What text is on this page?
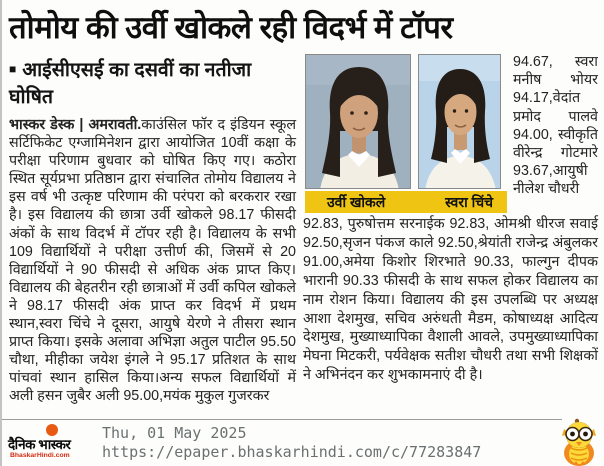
तोमोय की उर्वी खोकले रही विदर्भ में टॉपर
■ आईसीएसई का दसवीं का नतीजा घोषित
भास्कर डेस्क | अमरावती.काउंसिल फॉर द इंडियन स्कूल सर्टिफिकेट एग्जामिनेशन द्वारा आयोजित 10वीं कक्षा के परीक्षा परिणाम बुधवार को घोषित किए गए। कठोरा स्थित सूर्यप्रभा प्रतिष्ठान द्वारा संचालित तोमोय विद्यालय ने इस वर्ष भी उत्कृष्ट परिणाम की परंपरा को बरकरार रखा है। इस विद्यालय की छात्रा उर्वी खोकले 98.17 फीसदी अंकों के साथ विदर्भ में टॉपर रही है। विद्यालय के सभी 109 विद्यार्थियों ने परीक्षा उत्तीर्ण की, जिसमें से 20 विद्यार्थियों ने 90 फीसदी से अधिक अंक प्राप्त किए। विद्यालय की बेहतरीन रही छात्राओं में उर्वी कपिल खोकले ने 98.17 फीसदी अंक प्राप्त कर विदर्भ में प्रथम स्थान,स्वरा चिंचे ने दूसरा, आयुषे येरणे ने तीसरा स्थान प्राप्त किया। इसके अलावा अभिज्ञा अतुल पाटील 95.50 चौथा, मीहीका जयेश इंगले ने 95.17 प्रतिशत के साथ पांचवां स्थान हासिल किया।अन्य सफल विद्यार्थियों में अली हसन जुबैर अली 95.00,मयंक मुकुल गुजरकर
उर्वी खोकले	स्वरा चिंचे
94.67, स्वरा मनीष भोयर 94.17,वेदांत प्रमोद पालवे 94.00, स्वीकृति वीरेन्द्र गोटमारे 93.67,आयुषी नीलेश चौधरी
92.83, पुरुषोत्तम सरनाईक 92.83, ओमश्री धीरज सवाई 92.50,सृजन पंकज काले 92.50,श्रेयांती राजेन्द्र अंबुलकर 91.00,अमेया किशोर शिरभाते 90.33, फाल्गुन दीपक भारानी 90.33 फीसदी के साथ सफल होकर विद्यालय का नाम रोशन किया। विद्यालय की इस उपलब्धि पर अध्यक्ष आशा देशमुख, सचिव अरुंधती मैडम, कोषाध्यक्ष आदित्य देशमुख, मुख्याध्यापिका वैशाली आवले, उपमुख्याध्यापिका मेघना मिटकरी, पर्यवेक्षक सतीश चौधरी तथा सभी शिक्षकों ने अभिनंदन कर शुभकामनाएं दी है।
दैनिक भास्कर
BhaskarHindi.com
Thu, 01 May 2025
https://epaper.bhaskarhindi.com/c/77283847
